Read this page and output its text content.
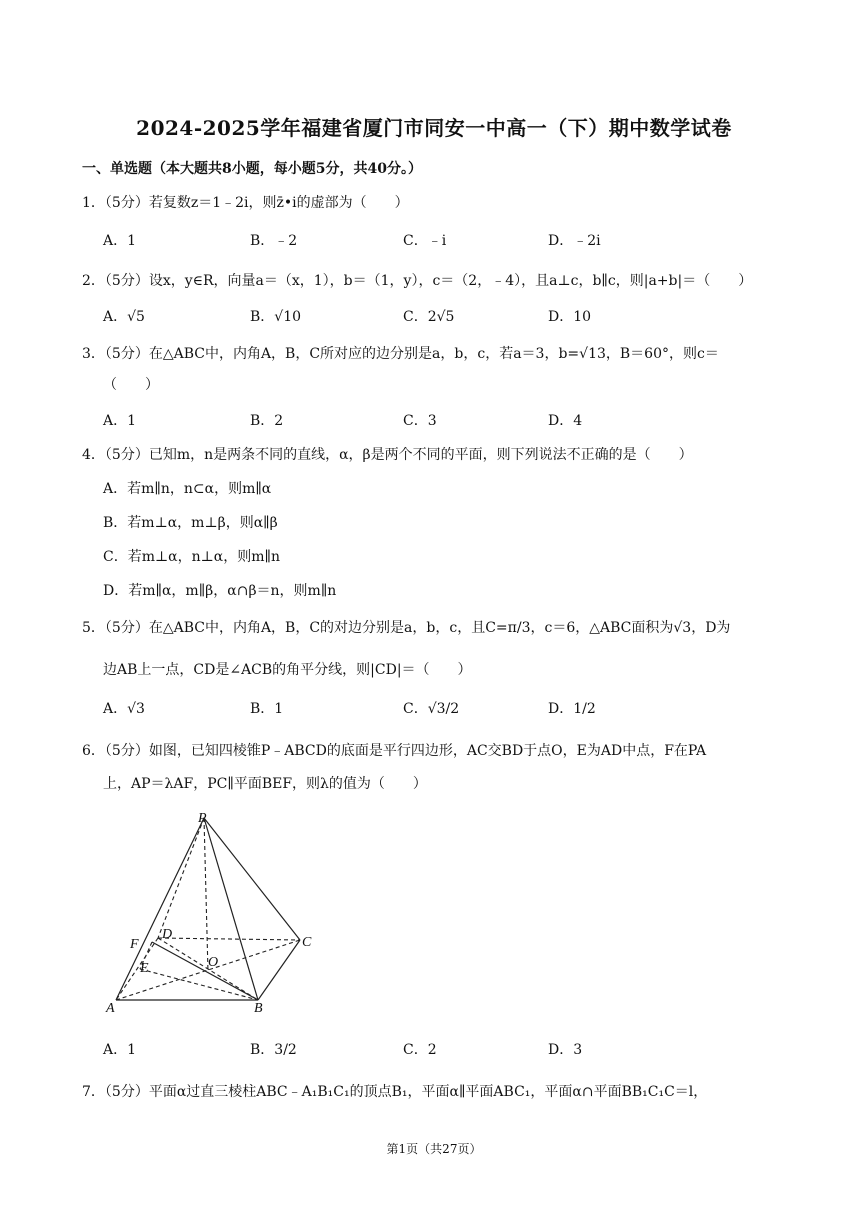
2024-2025学年福建省厦门市同安一中高一（下）期中数学试卷
一、单选题（本大题共8小题，每小题5分，共40分。）
1．（5分）若复数z＝1﹣2i，则z̄•i的虚部为（　　）
A．1	B．﹣2	C．﹣i	D．﹣2i
2．（5分）设x，y∈R，向量a＝（x，1），b＝（1，y），c＝（2，﹣4），且a⊥c，b∥c，则|a+b|＝（　　）
A．√5	B．√10	C．2√5	D．10
3．（5分）在△ABC中，内角A，B，C所对应的边分别是a，b，c，若a＝3，b=√13，B＝60°，则c＝
（　　）
A．1	B．2	C．3	D．4
4．（5分）已知m，n是两条不同的直线，α，β是两个不同的平面，则下列说法不正确的是（　　）
A．若m∥n，n⊂α，则m∥α
B．若m⊥α，m⊥β，则α∥β
C．若m⊥α，n⊥α，则m∥n
D．若m∥α，m∥β，α∩β＝n，则m∥n
5．（5分）在△ABC中，内角A，B，C的对边分别是a，b，c，且C=π/3，c＝6，△ABC面积为√3，D为
边AB上一点，CD是∠ACB的角平分线，则|CD|＝（　　）
A．√3	B．1	C．√3/2	D．1/2
6．（5分）如图，已知四棱锥P﹣ABCD的底面是平行四边形，AC交BD于点O，E为AD中点，F在PA
上，AP＝λAF，PC∥平面BEF，则λ的值为（　　）
P
D
C
F
E	O
A	B
A．1	B．3/2	C．2	D．3
7．（5分）平面α过直三棱柱ABC﹣A₁B₁C₁的顶点B₁，平面α∥平面ABC₁，平面α∩平面BB₁C₁C＝l，
第1页（共27页）
